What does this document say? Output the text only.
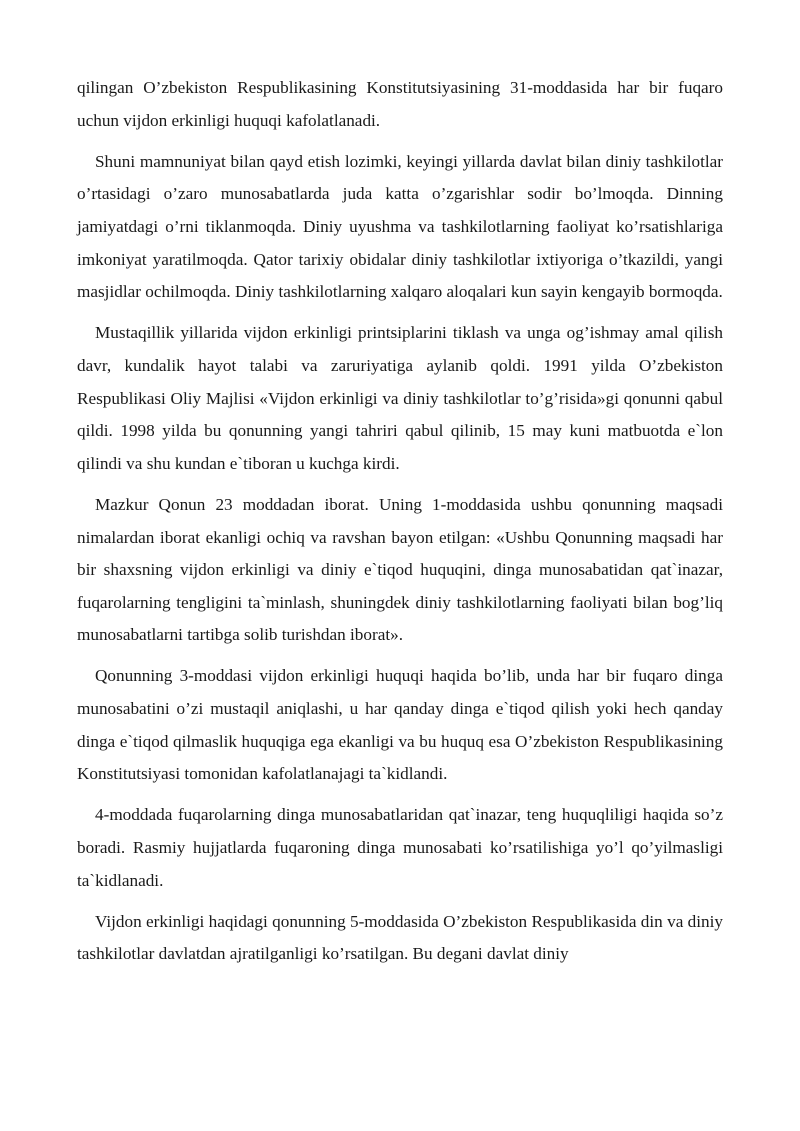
qilingan O’zbekiston Respublikasining Konstitutsiyasining 31-moddasida har bir fuqaro uchun vijdon erkinligi huquqi kafolatlanadi.

Shuni mamnuniyat bilan qayd etish lozimki, keyingi yillarda davlat bilan diniy tashkilotlar o’rtasidagi o’zaro munosabatlarda juda katta o’zgarishlar sodir bo’lmoqda. Dinning jamiyatdagi o’rni tiklanmoqda. Diniy uyushma va tashkilotlarning faoliyat ko’rsatishlariga imkoniyat yaratilmoqda. Qator tarixiy obidalar diniy tashkilotlar ixtiyoriga o’tkazildi, yangi masjidlar ochilmoqda. Diniy tashkilotlarning xalqaro aloqalari kun sayin kengayib bormoqda.

Mustaqillik yillarida vijdon erkinligi printsiplarini tiklash va unga og’ishmay amal qilish davr, kundalik hayot talabi va zaruriyatiga aylanib qoldi. 1991 yilda O’zbekiston Respublikasi Oliy Majlisi «Vijdon erkinligi va diniy tashkilotlar to’g’risida»gi qonunni qabul qildi. 1998 yilda bu qonunning yangi tahriri qabul qilinib, 15 may kuni matbuotda e`lon qilindi va shu kundan e`tiboran u kuchga kirdi.

Mazkur Qonun 23 moddadan iborat. Uning 1-moddasida ushbu qonunning maqsadi nimalardan iborat ekanligi ochiq va ravshan bayon etilgan: «Ushbu Qonunning maqsadi har bir shaxsning vijdon erkinligi va diniy e`tiqod huquqini, dinga munosabatidan qat`inazar, fuqarolarning tengligini ta`minlash, shuningdek diniy tashkilotlarning faoliyati bilan bog’liq munosabatlarni tartibga solib turishdan iborat».

Qonunning 3-moddasi vijdon erkinligi huquqi haqida bo’lib, unda har bir fuqaro dinga munosabatini o’zi mustaqil aniqlashi, u har qanday dinga e`tiqod qilish yoki hech qanday dinga e`tiqod qilmaslik huquqiga ega ekanligi va bu huquq esa O’zbekiston Respublikasining Konstitutsiyasi tomonidan kafolatlanajagi ta`kidlandi.

4-moddada fuqarolarning dinga munosabatlaridan qat`inazar, teng huquqliligi haqida so’z boradi. Rasmiy hujjatlarda fuqaroning dinga munosabati ko’rsatilishiga yo’l qo’yilmasligi ta`kidlanadi.

Vijdon erkinligi haqidagi qonunning 5-moddasida O’zbekiston Respublikasida din va diniy tashkilotlar davlatdan ajratilganligi ko’rsatilgan. Bu degani davlat diniy
